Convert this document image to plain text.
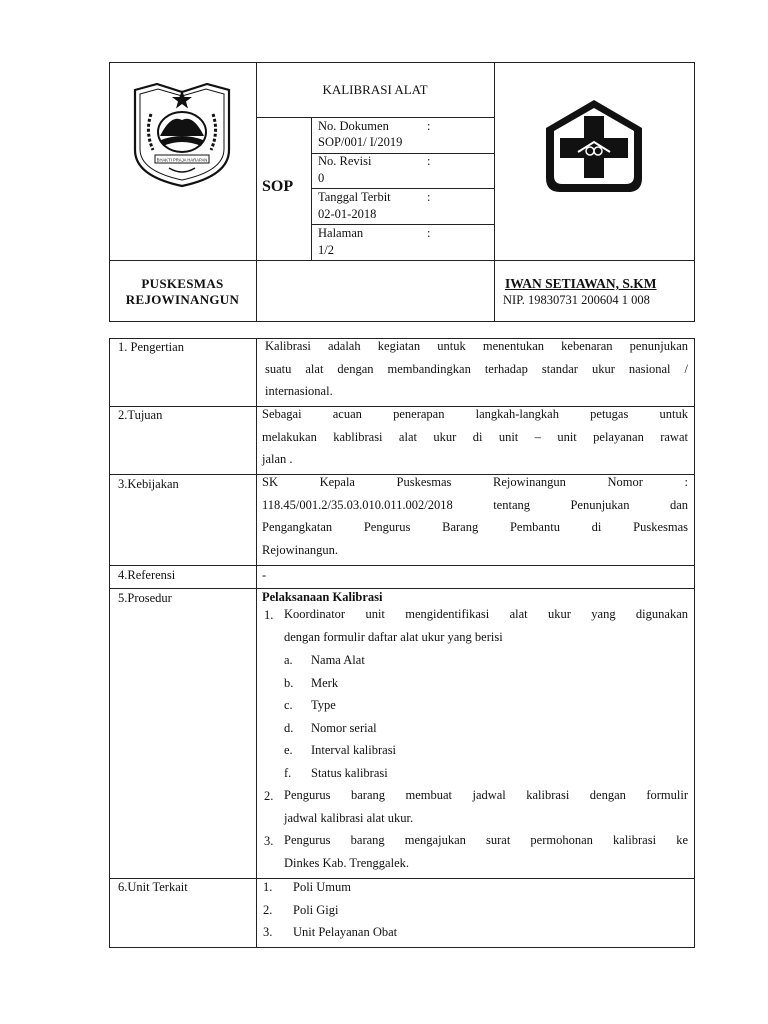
BHAKTI PRAJA HARAPAN
KALIBRASI ALAT
SOP
No. Dokumen	:
SOP/001/ I/2019
No. Revisi	:
0
Tanggal Terbit	:
02-01-2018
Halaman	:
1/2
PUSKESMAS
REJOWINANGUN
IWAN SETIAWAN, S.KM
NIP. 19830731 200604 1 008
1. Pengertian	Kalibrasi adalah kegiatan untuk menentukan kebenaran penunjukan
suatu alat dengan membandingkan terhadap standar ukur nasional /
internasional.
2.Tujuan	Sebagai acuan penerapan langkah-langkah petugas untuk
melakukan kablibrasi alat ukur di unit – unit pelayanan rawat
jalan .
3.Kebijakan	SK Kepala Puskesmas Rejowinangun Nomor :
118.45/001.2/35.03.010.011.002/2018 tentang Penunjukan dan
Pengangkatan Pengurus Barang Pembantu di Puskesmas
Rejowinangun.
4.Referensi	-
5.Prosedur	Pelaksanaan Kalibrasi
1. Koordinator unit mengidentifikasi alat ukur yang digunakan
dengan formulir daftar alat ukur yang berisi
a. Nama Alat
b. Merk
c. Type
d. Nomor serial
e. Interval kalibrasi
f. Status kalibrasi
2. Pengurus barang membuat jadwal kalibrasi dengan formulir
jadwal kalibrasi alat ukur.
3. Pengurus barang mengajukan surat permohonan kalibrasi ke
Dinkes Kab. Trenggalek.
6.Unit Terkait	1. Poli Umum
2. Poli Gigi
3. Unit Pelayanan Obat
